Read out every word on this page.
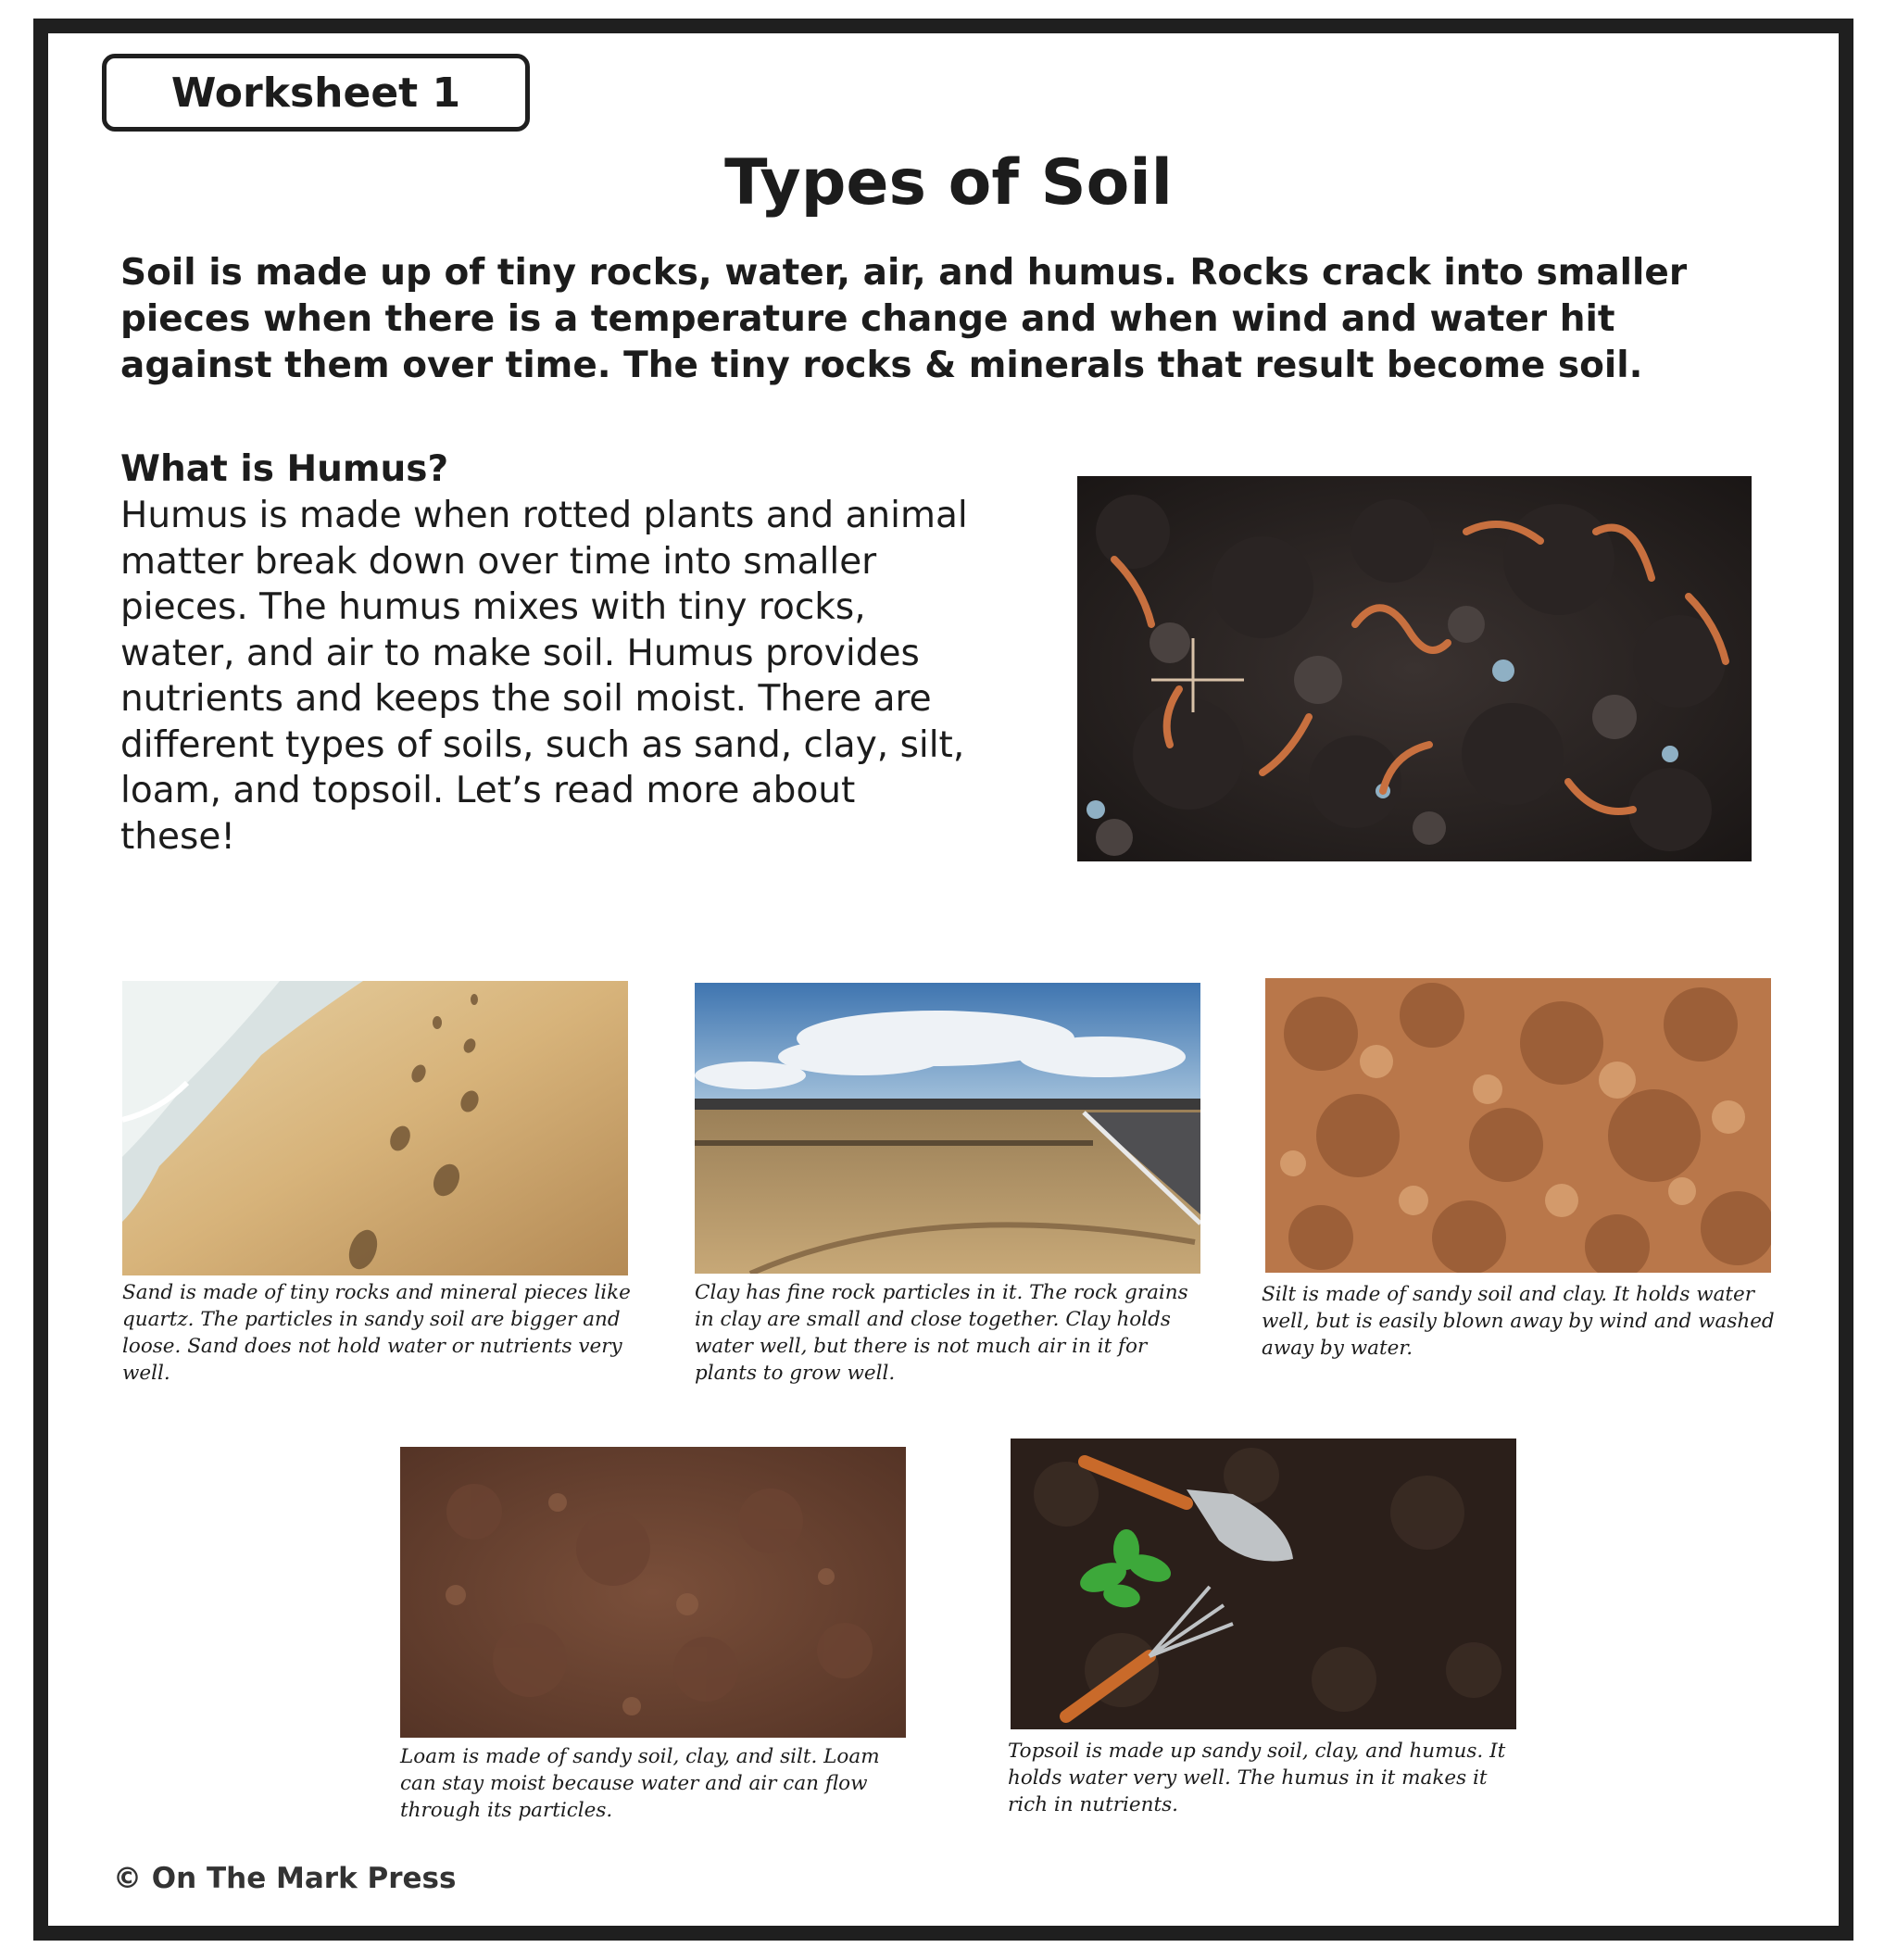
Worksheet 1
Types of Soil
Soil is made up of tiny rocks, water, air, and humus. Rocks crack into smaller pieces when there is a temperature change and when wind and water hit against them over time. The tiny rocks & minerals that result become soil.
What is Humus?
Humus is made when rotted plants and animal matter break down over time into smaller pieces. The humus mixes with tiny rocks, water, and air to make soil. Humus provides nutrients and keeps the soil moist. There are different types of soils, such as sand, clay, silt, loam, and topsoil. Let’s read more about these!
Sand is made of tiny rocks and mineral pieces like quartz. The particles in sandy soil are bigger and loose. Sand does not hold water or nutrients very well.
Clay has fine rock particles in it. The rock grains in clay are small and close together. Clay holds water well, but there is not much air in it for plants to grow well.
Silt is made of sandy soil and clay. It holds water well, but is easily blown away by wind and washed away by water.
Loam is made of sandy soil, clay, and silt. Loam can stay moist because water and air can flow through its particles.
Topsoil is made up sandy soil, clay, and humus. It holds water very well. The humus in it makes it rich in nutrients.
© On The Mark Press
